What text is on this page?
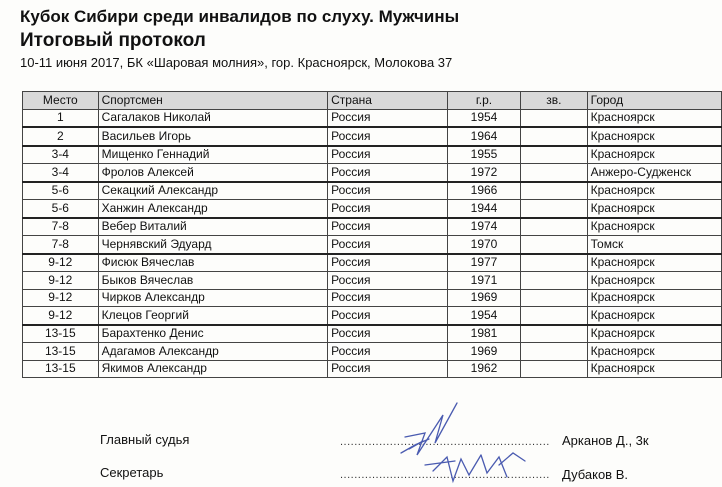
Кубок Сибири среди инвалидов по слуху. Мужчины
Итоговый протокол
10-11 июня 2017, БК «Шаровая молния», гор. Красноярск, Молокова 37
Место	Спортсмен	Страна	г.р.	зв.	Город
1	Сагалаков Николай	Россия	1954		Красноярск
2	Васильев Игорь	Россия	1964		Красноярск
3-4	Мищенко Геннадий	Россия	1955		Красноярск
3-4	Фролов Алексей	Россия	1972		Анжеро-Судженск
5-6	Секацкий Александр	Россия	1966		Красноярск
5-6	Ханжин Александр	Россия	1944		Красноярск
7-8	Вебер Виталий	Россия	1974		Красноярск
7-8	Чернявский Эдуард	Россия	1970		Томск
9-12	Фисюк Вячеслав	Россия	1977		Красноярск
9-12	Быков Вячеслав	Россия	1971		Красноярск
9-12	Чирков Александр	Россия	1969		Красноярск
9-12	Клецов Георгий	Россия	1954		Красноярск
13-15	Барахтенко Денис	Россия	1981		Красноярск
13-15	Адагамов Александр	Россия	1969		Красноярск
13-15	Якимов Александр	Россия	1962		Красноярск
Главный судья	........................................................... Арканов Д., 3к
Секретарь	........................................................... Дубаков В.
